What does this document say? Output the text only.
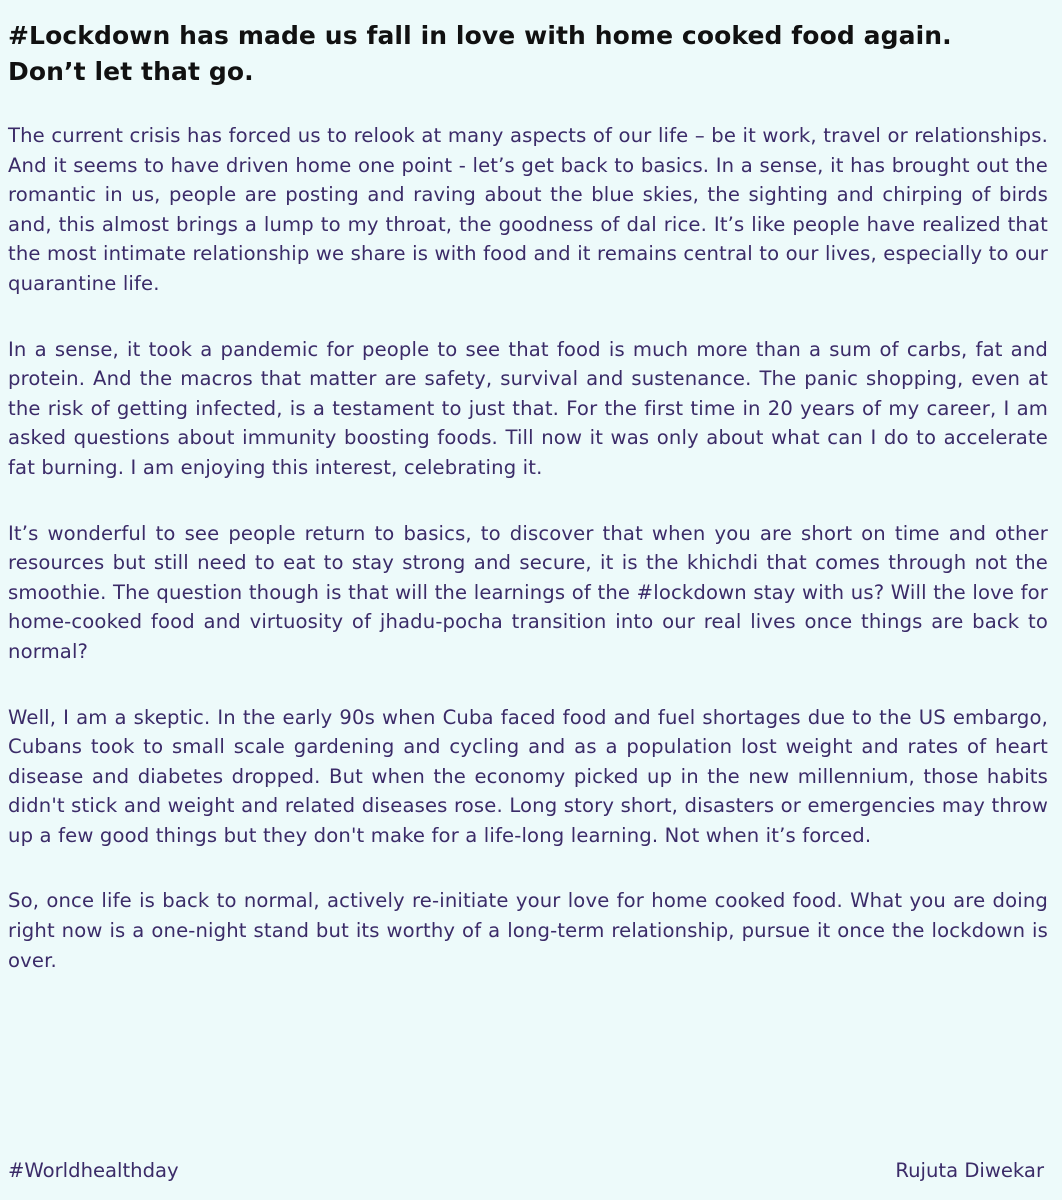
#Lockdown has made us fall in love with home cooked food again.
Don’t let that go.

The current crisis has forced us to relook at many aspects of our life – be it work, travel or relationships. And it seems to have driven home one point - let’s get back to basics. In a sense, it has brought out the romantic in us, people are posting and raving about the blue skies, the sighting and chirping of birds and, this almost brings a lump to my throat, the goodness of dal rice. It’s like people have realized that the most intimate relationship we share is with food and it remains central to our lives, especially to our quarantine life.

In a sense, it took a pandemic for people to see that food is much more than a sum of carbs, fat and protein. And the macros that matter are safety, survival and sustenance. The panic shopping, even at the risk of getting infected, is a testament to just that. For the first time in 20 years of my career, I am asked questions about immunity boosting foods. Till now it was only about what can I do to accelerate fat burning. I am enjoying this interest, celebrating it.

It’s wonderful to see people return to basics, to discover that when you are short on time and other resources but still need to eat to stay strong and secure, it is the khichdi that comes through not the smoothie. The question though is that will the learnings of the #lockdown stay with us? Will the love for home-cooked food and virtuosity of jhadu-pocha transition into our real lives once things are back to normal?

Well, I am a skeptic. In the early 90s when Cuba faced food and fuel shortages due to the US embargo, Cubans took to small scale gardening and cycling and as a population lost weight and rates of heart disease and diabetes dropped. But when the economy picked up in the new millennium, those habits didn't stick and weight and related diseases rose. Long story short, disasters or emergencies may throw up a few good things but they don't make for a life-long learning. Not when it’s forced.

So, once life is back to normal, actively re-initiate your love for home cooked food. What you are doing right now is a one-night stand but its worthy of a long-term relationship, pursue it once the lockdown is over.

#Worldhealthday	Rujuta Diwekar
